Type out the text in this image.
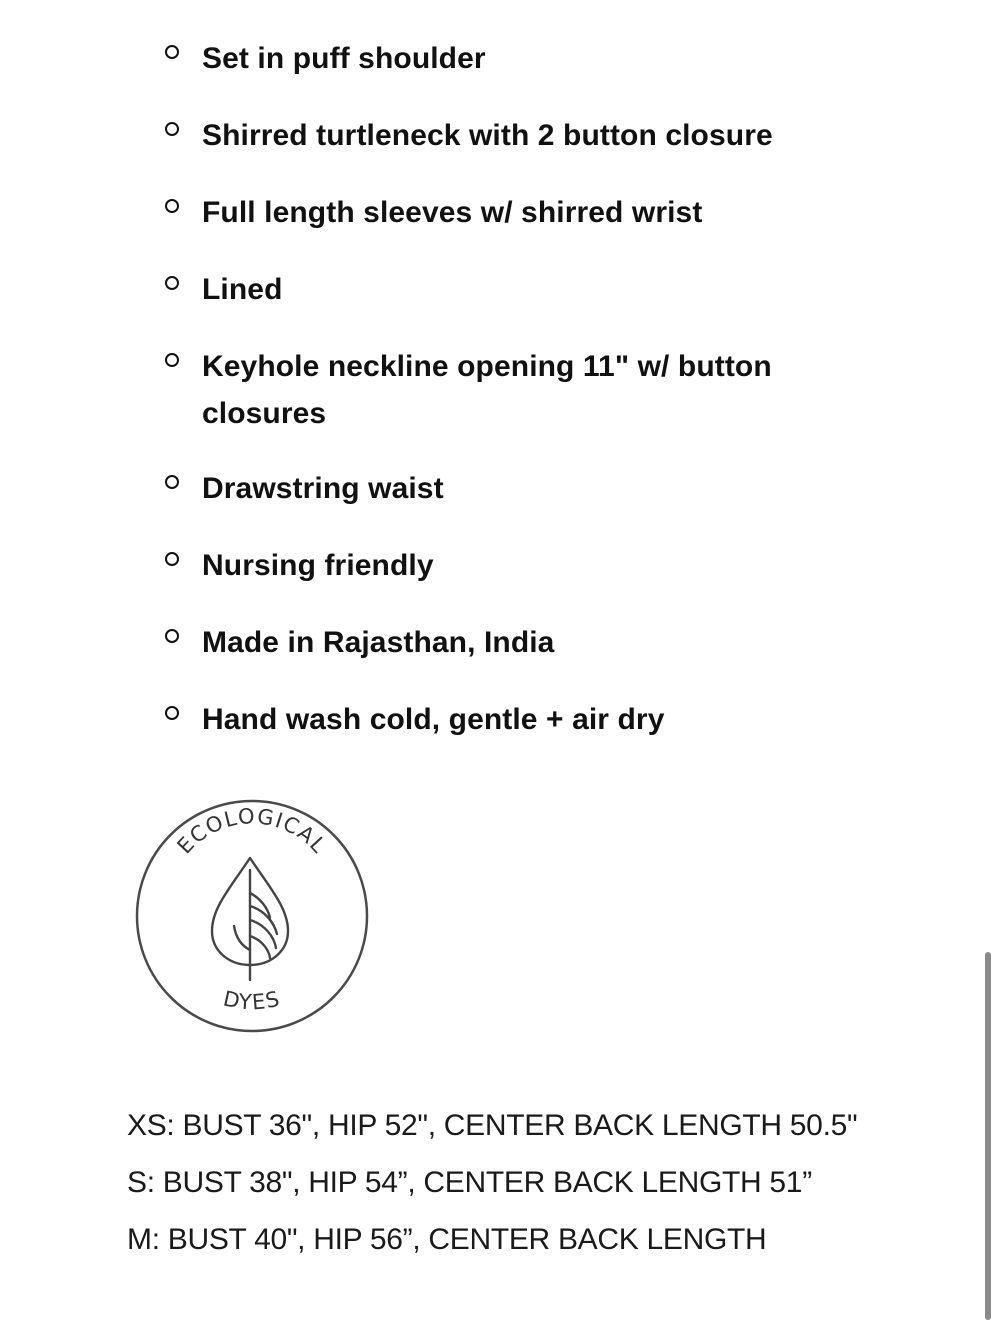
Set in puff shoulder
Shirred turtleneck with 2 button closure
Full length sleeves w/ shirred wrist
Lined
Keyhole neckline opening 11" w/ button closures
Drawstring waist
Nursing friendly
Made in Rajasthan, India
Hand wash cold, gentle + air dry
ECOLOGICAL
DYES
XS: BUST 36", HIP 52", CENTER BACK LENGTH 50.5"
S: BUST 38", HIP 54”, CENTER BACK LENGTH 51”
M: BUST 40", HIP 56”, CENTER BACK LENGTH
